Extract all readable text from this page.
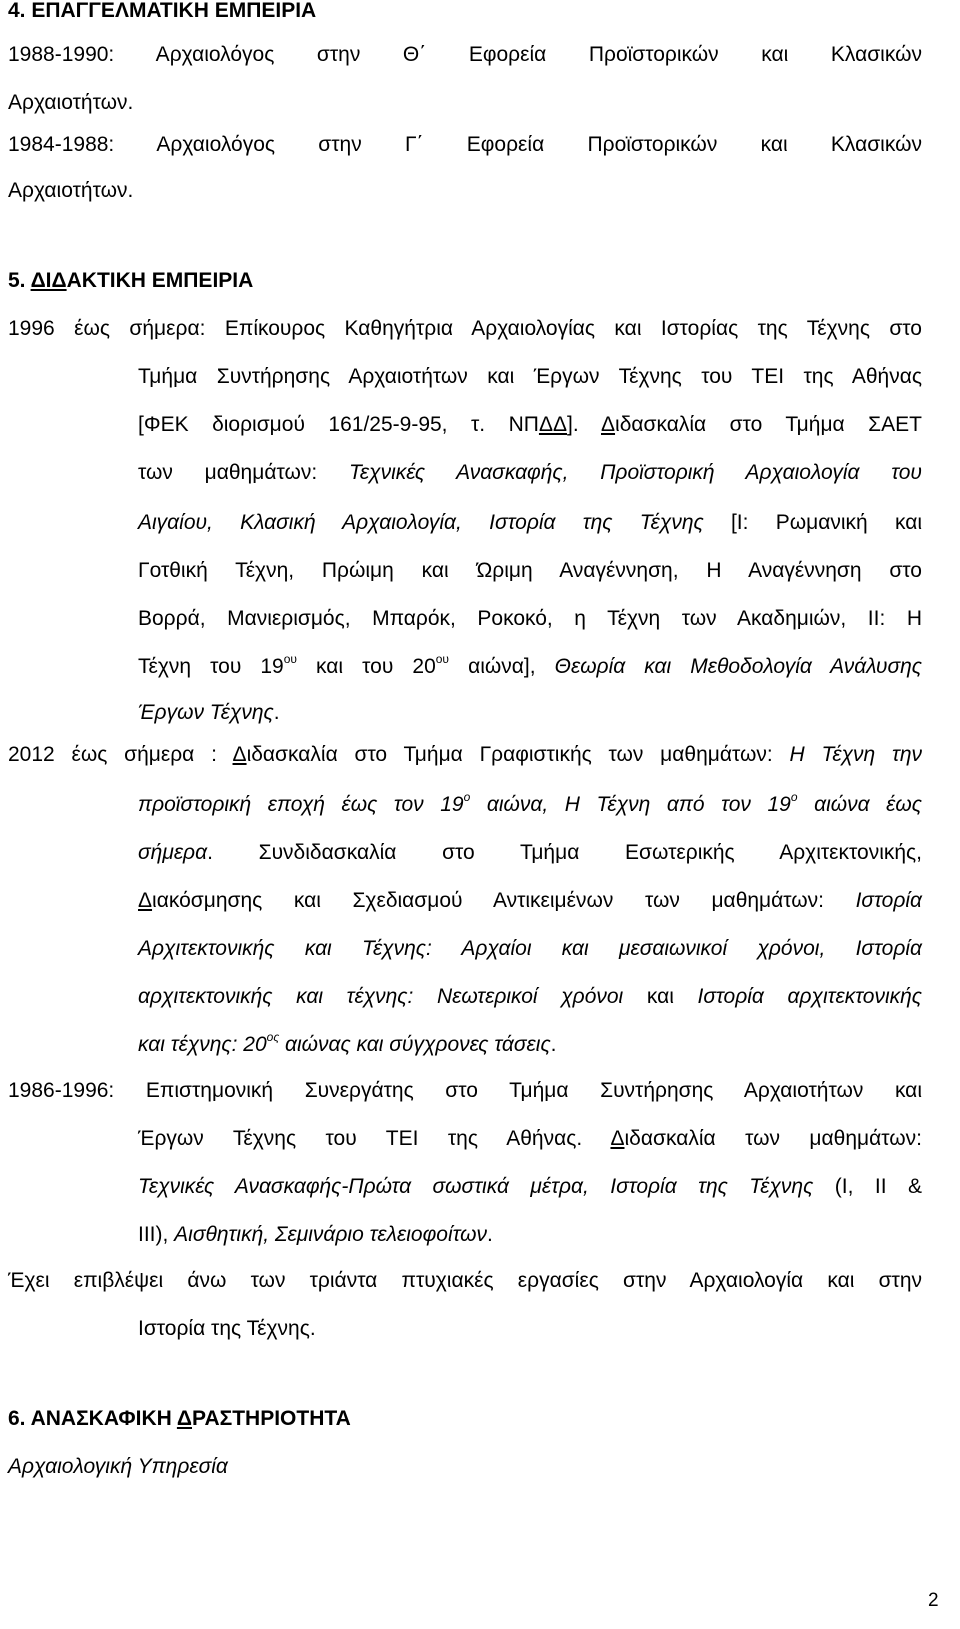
4. ΕΠΑΓΓΕΛΜΑΤΙΚΗ ΕΜΠΕΙΡΙΑ
1988-1990: Αρχαιολόγος στην Θ΄ Εφορεία Προϊστορικών και Κλασικών
Αρχαιοτήτων.
1984-1988: Αρχαιολόγος στην Γ΄ Εφορεία Προϊστορικών και Κλασικών
Αρχαιοτήτων.
5. ΔΙΔΑΚΤΙΚΗ ΕΜΠΕΙΡΙΑ
1996 έως σήμερα: Επίκουρος Καθηγήτρια Αρχαιολογίας και Ιστορίας της Τέχνης στο
Τμήμα Συντήρησης Αρχαιοτήτων και Έργων Τέχνης του ΤΕΙ της Αθήνας
[ΦΕΚ διορισμού 161/25-9-95, τ. ΝΠΔΔ]. Διδασκαλία στο Τμήμα ΣΑΕΤ
των μαθημάτων: Τεχνικές Ανασκαφής, Προϊστορική Αρχαιολογία του
Αιγαίου, Κλασική Αρχαιολογία, Ιστορία της Τέχνης [Ι: Ρωμανική και
Γοτθική Τέχνη, Πρώιμη και Ώριμη Αναγέννηση, Η Αναγέννηση στο
Βορρά, Μανιερισμός, Μπαρόκ, Ροκοκό, η Τέχνη των Ακαδημιών, ΙΙ: Η
Τέχνη του $19^{o\upsilon}$ και του $20^{o\upsilon}$ αιώνα], Θεωρία και Μεθοδολογία Ανάλυσης
Έργων Τέχνης.
2012 έως σήμερα : Διδασκαλία στο Τμήμα Γραφιστικής των μαθημάτων: Η Τέχνη την
προϊστορική εποχή έως τον $19^o$ αιώνα, Η Τέχνη από τον $19^o$ αιώνα έως
σήμερα. Συνδιδασκαλία στο Τμήμα Εσωτερικής Αρχιτεκτονικής,
Διακόσμησης και Σχεδιασμού Αντικειμένων των μαθημάτων: Ιστορία
Αρχιτεκτονικής και Τέχνης: Αρχαίοι και μεσαιωνικοί χρόνοι, Ιστορία
αρχιτεκτονικής και τέχνης: Νεωτερικοί χρόνοι και Ιστορία αρχιτεκτονικής
και τέχνης: $20^{o\varsigma}$ αιώνας και σύγχρονες τάσεις.
1986-1996: Επιστημονική Συνεργάτης στο Τμήμα Συντήρησης Αρχαιοτήτων και
Έργων Τέχνης του ΤΕΙ της Αθήνας. Διδασκαλία των μαθημάτων:
Τεχνικές Ανασκαφής-Πρώτα σωστικά μέτρα, Ιστορία της Τέχνης (Ι, ΙΙ &
ΙΙΙ), Αισθητική, Σεμινάριο τελειοφοίτων.
Έχει επιβλέψει άνω των τριάντα πτυχιακές εργασίες στην Αρχαιολογία και στην
Ιστορία της Τέχνης.
6. ΑΝΑΣΚΑΦΙΚΗ ΔΡΑΣΤΗΡΙΟΤΗΤΑ
Αρχαιολογική Υπηρεσία
2
